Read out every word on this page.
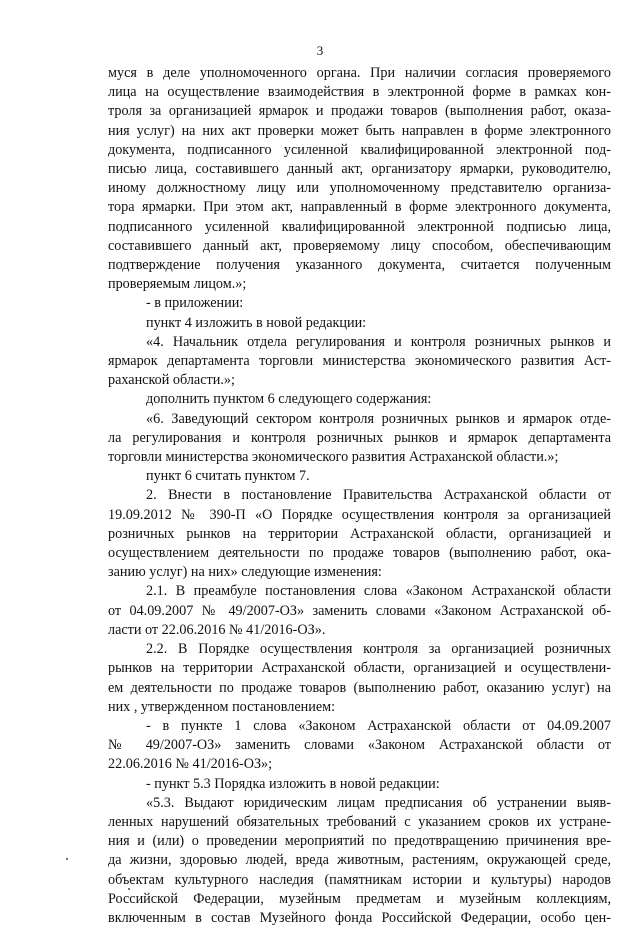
3
муся в деле уполномоченного органа. При наличии согласия проверяемого
лица на осуществление взаимодействия в электронной форме в рамках кон-
троля за организацией ярмарок и продажи товаров (выполнения работ, оказа-
ния услуг) на них акт проверки может быть направлен в форме электронного
документа, подписанного усиленной квалифицированной электронной под-
писью лица, составившего данный акт, организатору ярмарки, руководителю,
иному должностному лицу или уполномоченному представителю организа-
тора ярмарки. При этом акт, направленный в форме электронного документа,
подписанного усиленной квалифицированной электронной подписью лица,
составившего данный акт, проверяемому лицу способом, обеспечивающим
подтверждение получения указанного документа, считается полученным
проверяемым лицом.»;
- в приложении:
пункт 4 изложить в новой редакции:
«4. Начальник отдела регулирования и контроля розничных рынков и
ярмарок департамента торговли министерства экономического развития Аст-
раханской области.»;
дополнить пунктом 6 следующего содержания:
«6. Заведующий сектором контроля розничных рынков и ярмарок отде-
ла регулирования и контроля розничных рынков и ярмарок департамента
торговли министерства экономического развития Астраханской области.»;
пункт 6 считать пунктом 7.
2. Внести в постановление Правительства Астраханской области от
19.09.2012 № 390-П «О Порядке осуществления контроля за организацией
розничных рынков на территории Астраханской области, организацией и
осуществлением деятельности по продаже товаров (выполнению работ, ока-
занию услуг) на них» следующие изменения:
2.1. В преамбуле постановления слова «Законом Астраханской области
от 04.09.2007 № 49/2007-ОЗ» заменить словами «Законом Астраханской об-
ласти от 22.06.2016 № 41/2016-ОЗ».
2.2. В Порядке осуществления контроля за организацией розничных
рынков на территории Астраханской области, организацией и осуществлени-
ем деятельности по продаже товаров (выполнению работ, оказанию услуг) на
них , утвержденном постановлением:
- в пункте 1 слова «Законом Астраханской области от 04.09.2007
№ 49/2007-ОЗ» заменить словами «Законом Астраханской области от
22.06.2016 № 41/2016-ОЗ»;
- пункт 5.3 Порядка изложить в новой редакции:
«5.3. Выдают юридическим лицам предписания об устранении выяв-
ленных нарушений обязательных требований с указанием сроков их устране-
ния и (или) о проведении мероприятий по предотвращению причинения вре-
да жизни, здоровью людей, вреда животным, растениям, окружающей среде,
объектам культурного наследия (памятникам истории и культуры) народов
Российской Федерации, музейным предметам и музейным коллекциям,
включенным в состав Музейного фонда Российской Федерации, особо цен-
